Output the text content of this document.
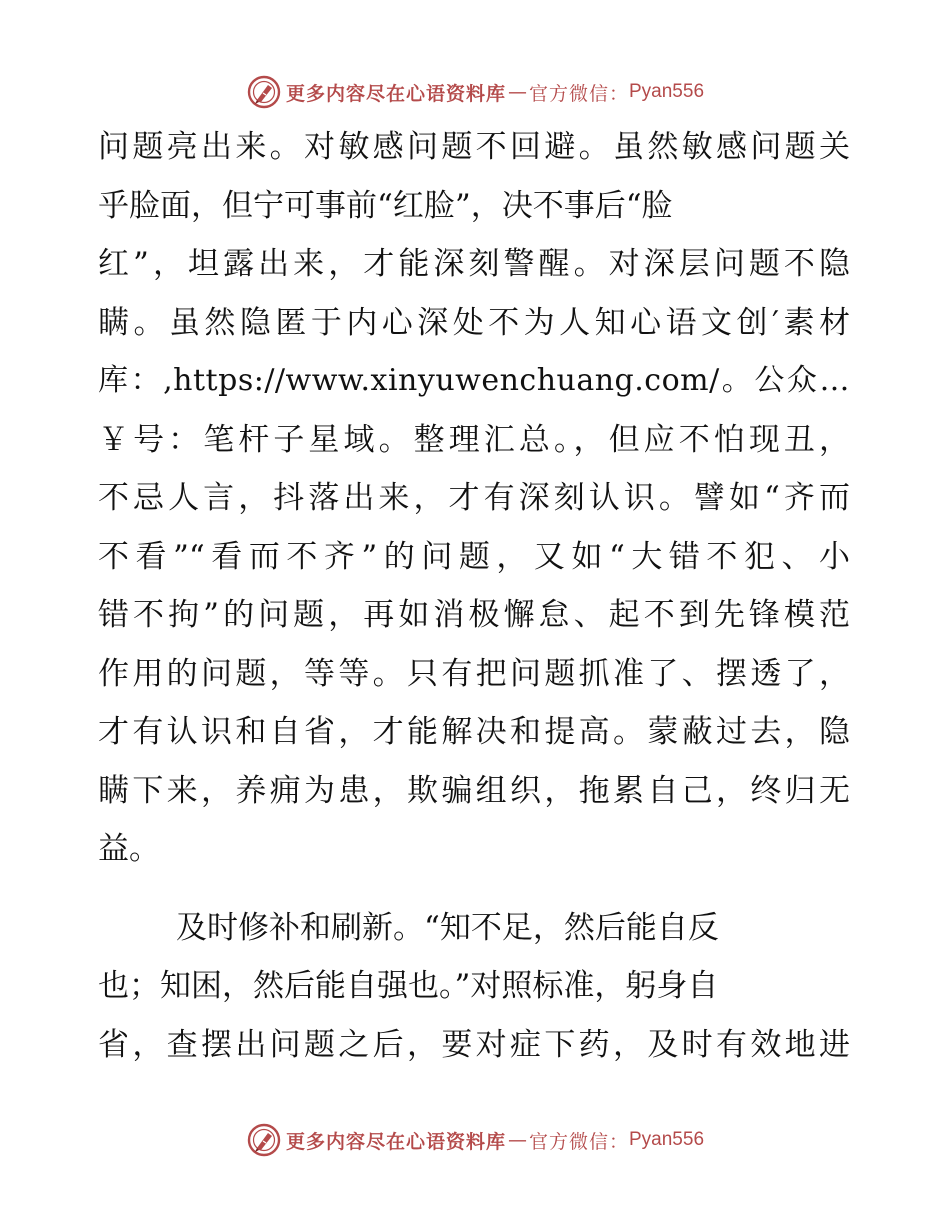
更多内容尽在心语资料库 — 官方微信： Pyan556
问题亮出来。对敏感问题不回避。虽然敏感问题关
乎脸面，但宁可事前“红脸”，决不事后“脸
红”，坦露出来，才能深刻警醒。对深层问题不隐
瞒。虽然隐匿于内心深处不为人知心语文创′素材
库：,https://www.xinyuwenchuang.com/。公众…
￥号：笔杆子星域。整理汇总。，但应不怕现丑，
不忌人言，抖落出来，才有深刻认识。譬如“齐而
不看”“看而不齐”的问题，又如“大错不犯、小
错不拘”的问题，再如消极懈怠、起不到先锋模范
作用的问题，等等。只有把问题抓准了、摆透了，
才有认识和自省，才能解决和提高。蒙蔽过去，隐
瞒下来，养痈为患，欺骗组织，拖累自己，终归无
益。
及时修补和刷新。“知不足，然后能自反
也；知困，然后能自强也。”对照标准，躬身自
省，查摆出问题之后，要对症下药，及时有效地进
更多内容尽在心语资料库 — 官方微信： Pyan556
